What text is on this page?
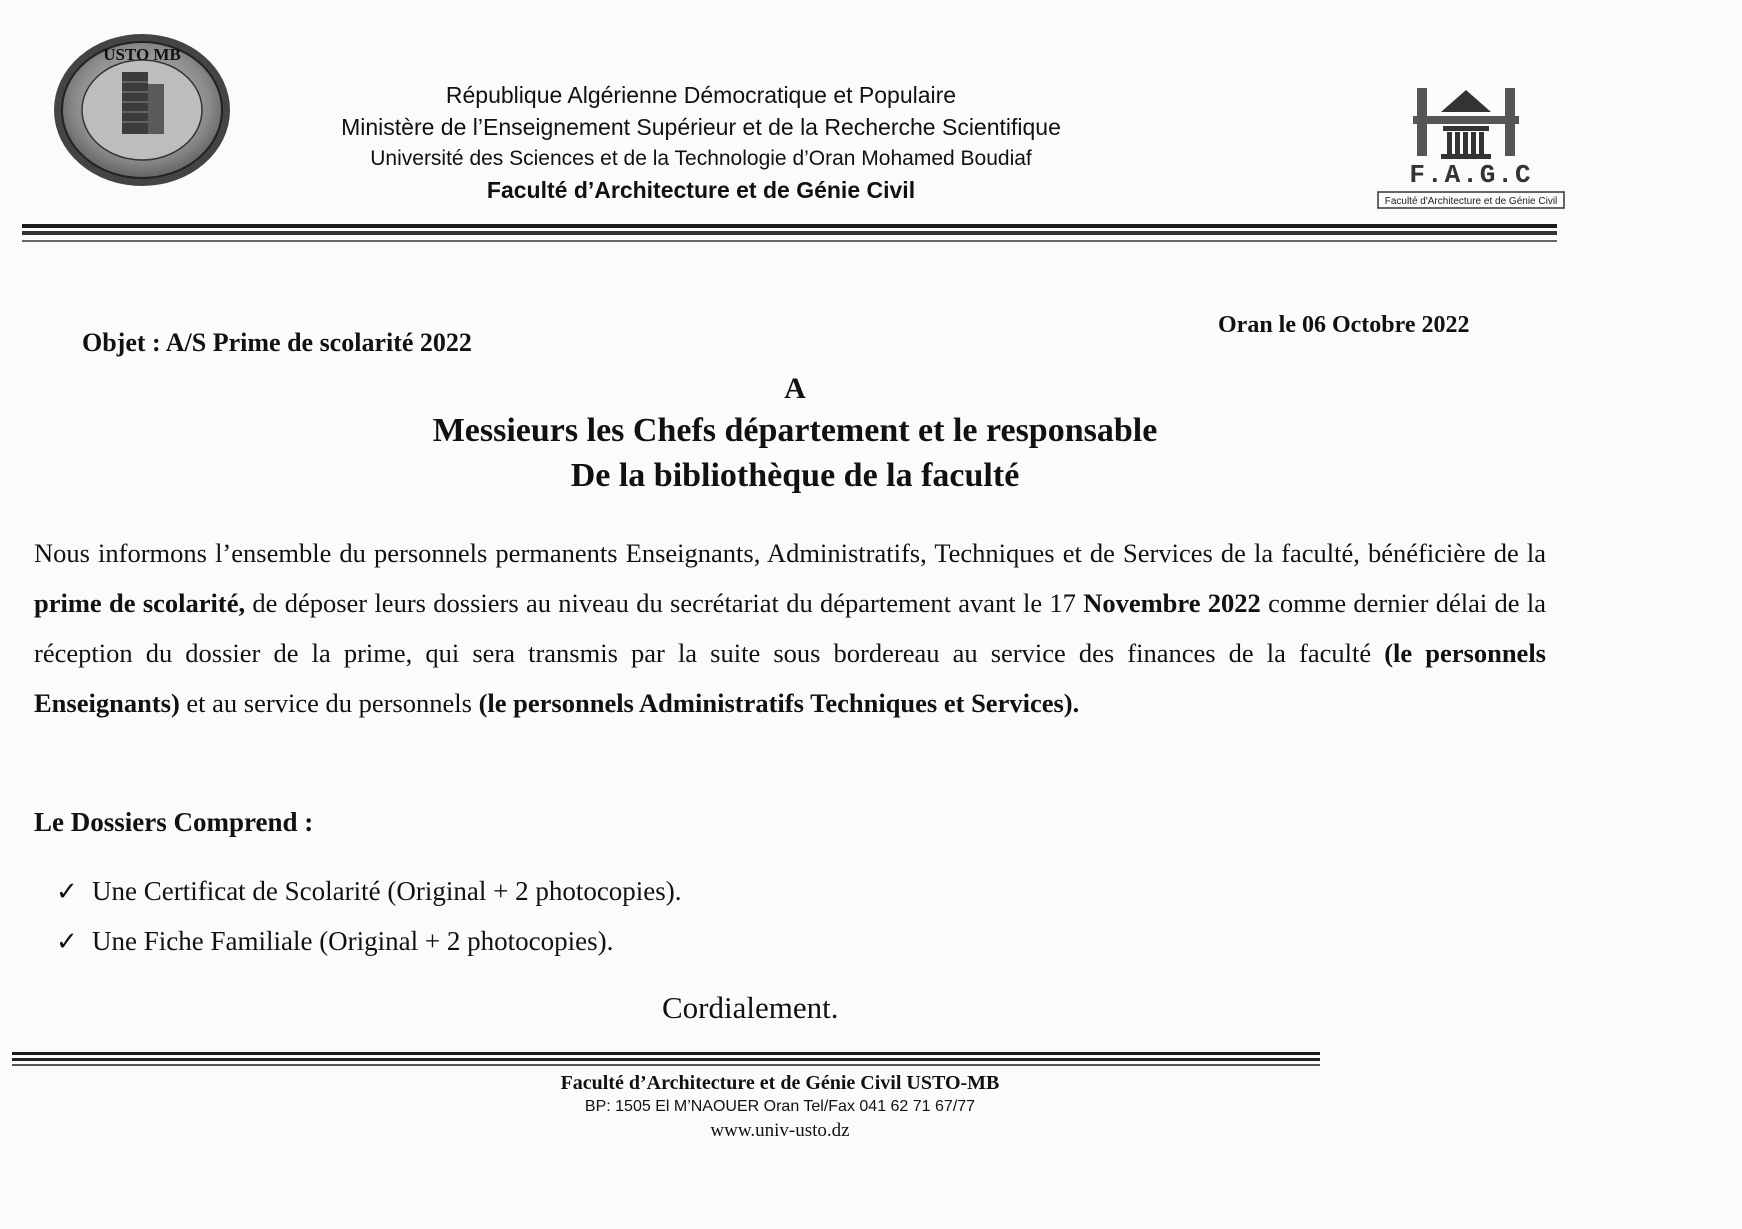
USTO MB
République Algérienne Démocratique et Populaire
Ministère de l’Enseignement Supérieur et de la Recherche Scientifique
Université des Sciences et de la Technologie d’Oran Mohamed Boudiaf
Faculté d’Architecture et de Génie Civil	F.A.G.C
Faculté d'Architecture et de Génie Civil
Objet : A/S Prime de scolarité 2022
Oran le 06 Octobre 2022
A
Messieurs les Chefs département et le responsable
De la bibliothèque de la faculté
Nous informons l’ensemble du personnels permanents Enseignants, Administratifs, Techniques et de Services de la faculté, bénéficière de la prime de scolarité, de déposer leurs dossiers au niveau du secrétariat du département avant le 17 Novembre 2022 comme dernier délai de la réception du dossier de la prime, qui sera transmis par la suite sous bordereau au service des finances de la faculté (le personnels Enseignants) et au service du personnels (le personnels Administratifs Techniques et Services).
Le Dossiers Comprend :
✓ Une Certificat de Scolarité (Original + 2 photocopies).
✓ Une Fiche Familiale (Original + 2 photocopies).
Cordialement.
Faculté d’Architecture et de Génie Civil USTO-MB
BP: 1505 El M’NAOUER Oran Tel/Fax 041 62 71 67/77
www.univ-usto.dz
